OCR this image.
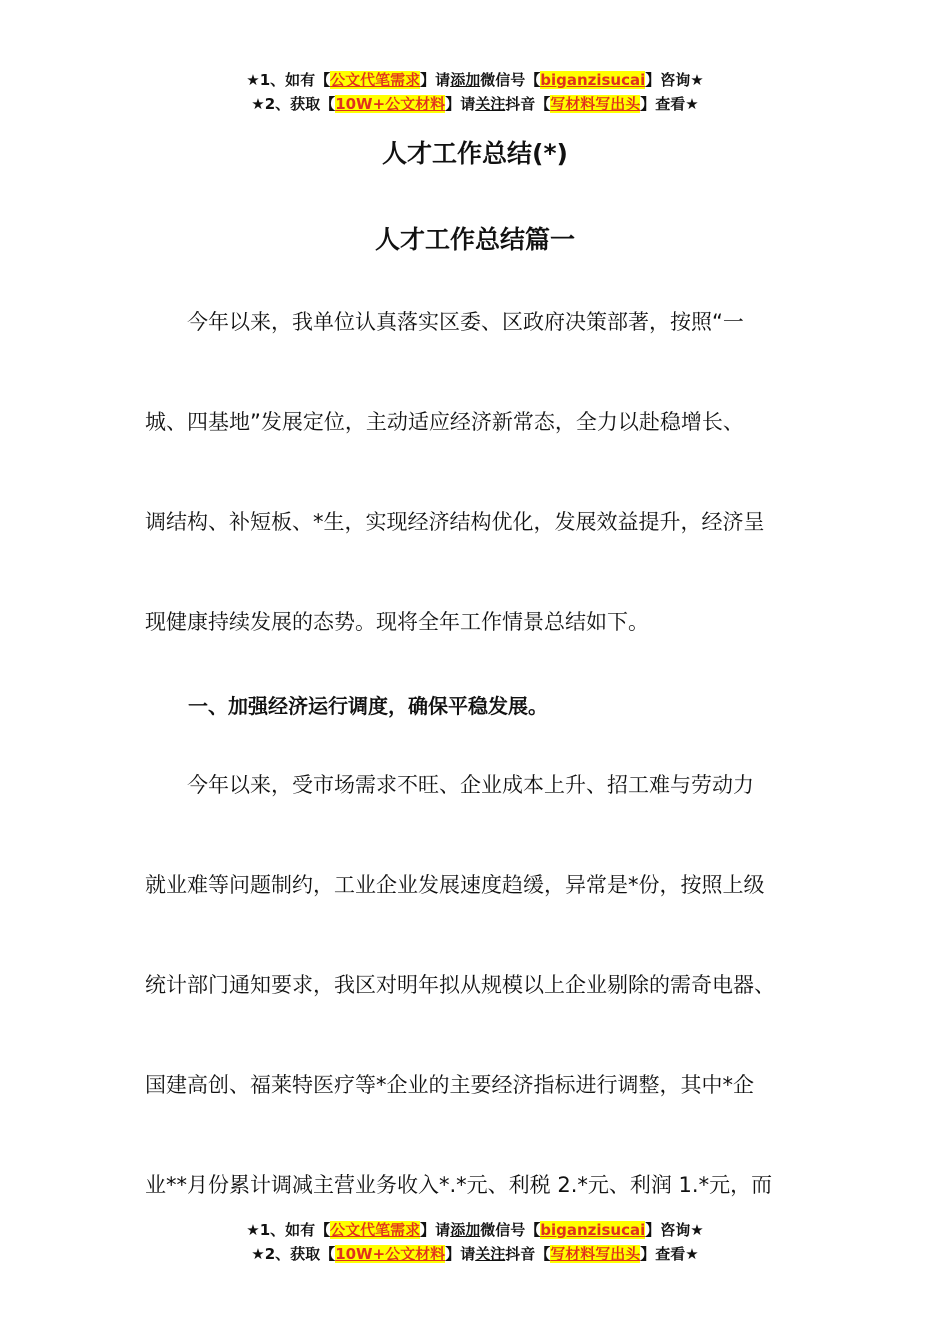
★1、如有【公文代笔需求】请添加微信号【biganzisucai】咨询★
★2、获取【10W+公文材料】请关注抖音【写材料写出头】查看★
人才工作总结(*)
人才工作总结篇一
　　今年以来，我单位认真落实区委、区政府决策部著，按照“一
城、四基地”发展定位，主动适应经济新常态，全力以赴稳增长、
调结构、补短板、*生，实现经济结构优化，发展效益提升，经济呈
现健康持续发展的态势。现将全年工作情景总结如下。
一、加强经济运行调度，确保平稳发展。
　　今年以来，受市场需求不旺、企业成本上升、招工难与劳动力
就业难等问题制约，工业企业发展速度趋缓，异常是*份，按照上级
统计部门通知要求，我区对明年拟从规模以上企业剔除的需奇电器、
国建高创、福莱特医疗等*企业的主要经济指标进行调整，其中*企
业**月份累计调减主营业务收入*.*元、利税 2.*元、利润 1.*元，而
★1、如有【公文代笔需求】请添加微信号【biganzisucai】咨询★
★2、获取【10W+公文材料】请关注抖音【写材料写出头】查看★
